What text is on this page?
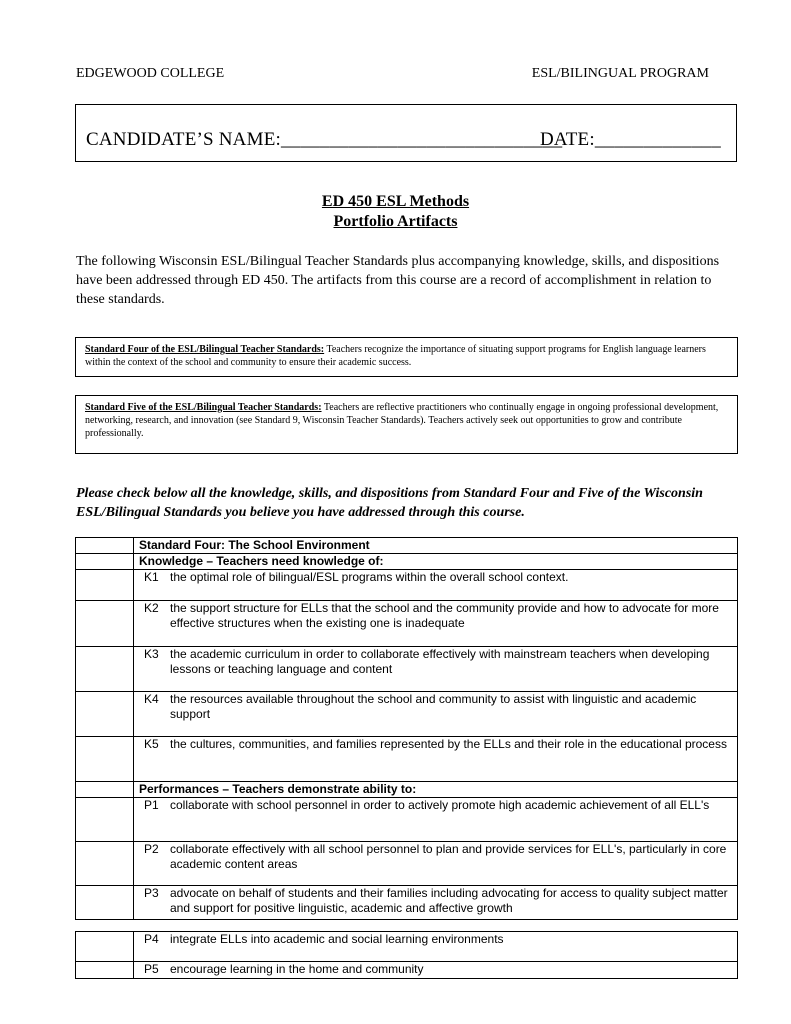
EDGEWOOD COLLEGE	ESL/BILINGUAL PROGRAM
CANDIDATE’S NAME:_____________________________
DATE:_____________
ED 450 ESL Methods
Portfolio Artifacts
The following Wisconsin ESL/Bilingual Teacher Standards plus accompanying knowledge, skills, and dispositions have been addressed through ED 450. The artifacts from this course are a record of accomplishment in relation to these standards.
Standard Four of the ESL/Bilingual Teacher Standards: Teachers recognize the importance of situating support programs for English language learners within the context of the school and community to ensure their academic success.
Standard Five of the ESL/Bilingual Teacher Standards: Teachers are reflective practitioners who continually engage in ongoing professional development, networking, research, and innovation (see Standard 9, Wisconsin Teacher Standards). Teachers actively seek out opportunities to grow and contribute professionally.
Please check below all the knowledge, skills, and dispositions from Standard Four and Five of the Wisconsin ESL/Bilingual Standards you believe you have addressed through this course.
	Standard Four: The School Environment
	Knowledge – Teachers need knowledge of:

	K1 the optimal role of bilingual/ESL programs within the overall school context.

	K2 the support structure for ELLs that the school and the community provide and how to advocate for more effective structures when the existing one is inadequate

	K3 the academic curriculum in order to collaborate effectively with mainstream teachers when developing lessons or teaching language and content

	K4 the resources available throughout the school and community to assist with linguistic and academic support

	K5 the cultures, communities, and families represented by the ELLs and their role in the educational process

	Performances – Teachers demonstrate ability to:

	P1 collaborate with school personnel in order to actively promote high academic achievement of all ELL's

	P2 collaborate effectively with all school personnel to plan and provide services for ELL's, particularly in core academic content areas

	P3 advocate on behalf of students and their families including advocating for access to quality subject matter and support for positive linguistic, academic and affective growth

	P4 integrate ELLs into academic and social learning environments

	P5 encourage learning in the home and community
